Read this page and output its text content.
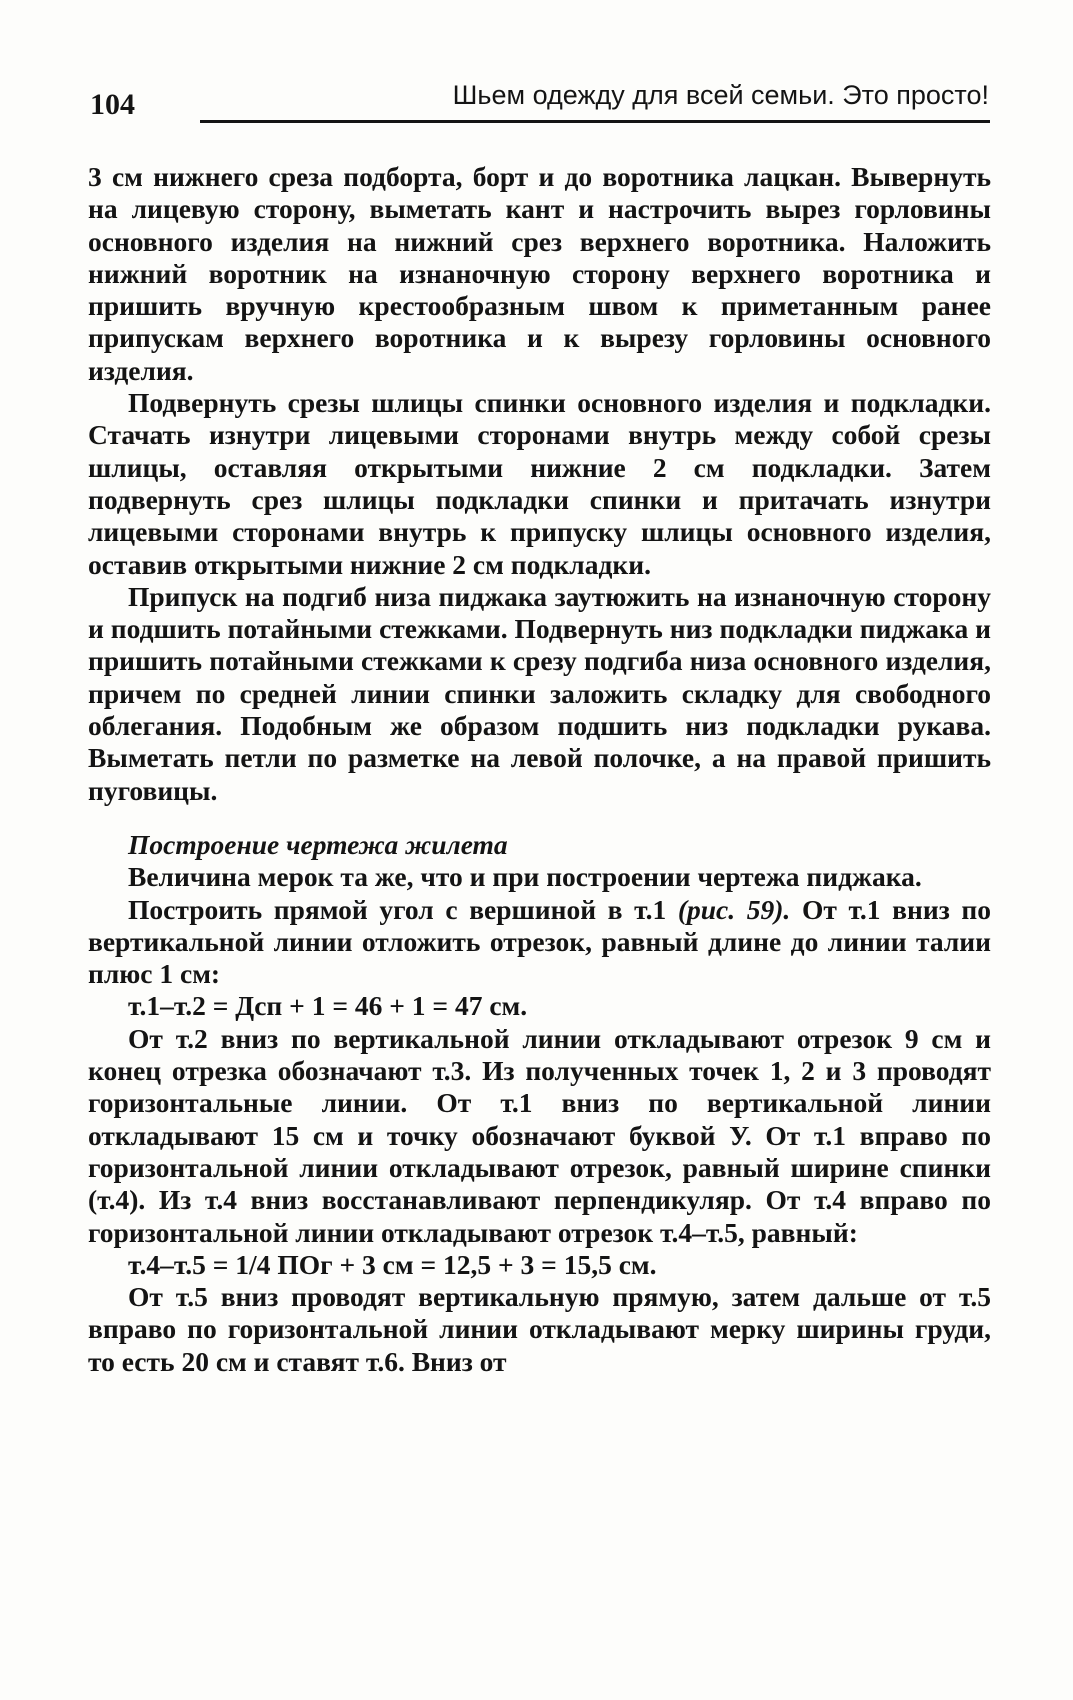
104	Шьем одежду для всей семьи. Это просто!

3 см нижнего среза подборта, борт и до воротника лацкан. Вывернуть на лицевую сторону, выметать кант и настрочить вырез горловины основного изделия на нижний срез верхнего воротника. Наложить нижний воротник на изнаночную сторону верхнего воротника и пришить вручную крестообразным швом к приметанным ранее припускам верхнего воротника и к вырезу горловины основного изделия.

Подвернуть срезы шлицы спинки основного изделия и подкладки. Стачать изнутри лицевыми сторонами внутрь между собой срезы шлицы, оставляя открытыми нижние 2 см подкладки. Затем подвернуть срез шлицы подкладки спинки и притачать изнутри лицевыми сторонами внутрь к припуску шлицы основного изделия, оставив открытыми нижние 2 см подкладки.

Припуск на подгиб низа пиджака заутюжить на изнаночную сторону и подшить потайными стежками. Подвернуть низ подкладки пиджака и пришить потайными стежками к срезу подгиба низа основного изделия, причем по средней линии спинки заложить складку для свободного облегания. Подобным же образом подшить низ подкладки рукава. Выметать петли по разметке на левой полочке, а на правой пришить пуговицы.

Построение чертежа жилета

Величина мерок та же, что и при построении чертежа пиджака.

Построить прямой угол с вершиной в т.1 (рис. 59). От т.1 вниз по вертикальной линии отложить отрезок, равный длине до линии талии плюс 1 см:

т.1–т.2 = Дсп + 1 = 46 + 1 = 47 см.

От т.2 вниз по вертикальной линии откладывают отрезок 9 см и конец отрезка обозначают т.3. Из полученных точек 1, 2 и 3 проводят горизонтальные линии. От т.1 вниз по вертикальной линии откладывают 15 см и точку обозначают буквой У. От т.1 вправо по горизонтальной линии откладывают отрезок, равный ширине спинки (т.4). Из т.4 вниз восстанавливают перпендикуляр. От т.4 вправо по горизонтальной линии откладывают отрезок т.4–т.5, равный:

т.4–т.5 = 1/4 ПОг + 3 см = 12,5 + 3 = 15,5 см.

От т.5 вниз проводят вертикальную прямую, затем дальше от т.5 вправо по горизонтальной линии откладывают мерку ширины груди, то есть 20 см и ставят т.6. Вниз от
